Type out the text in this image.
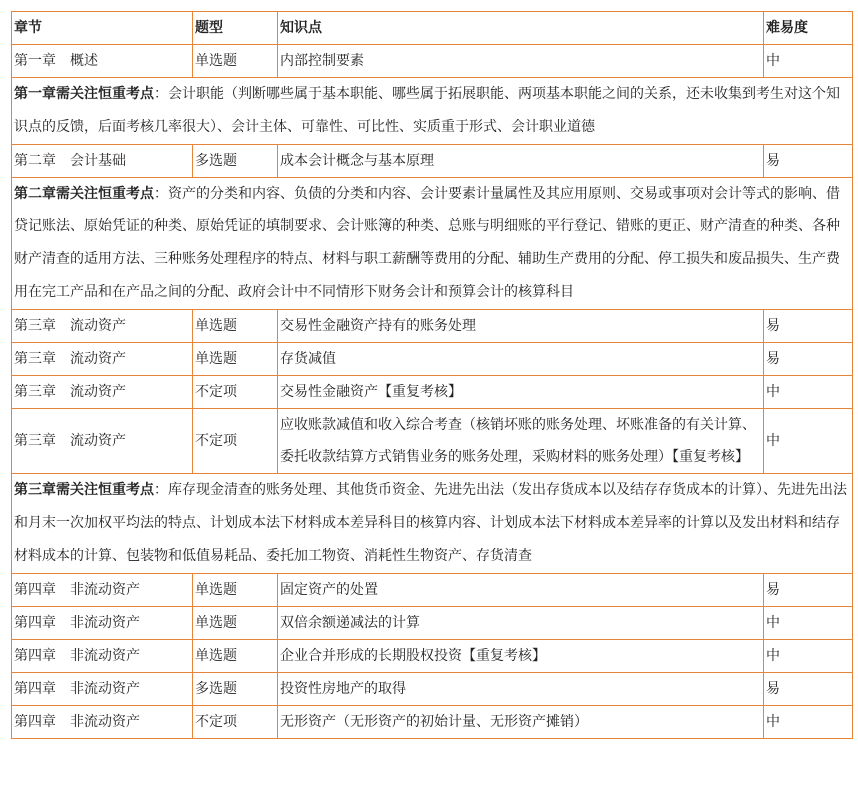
章节	题型	知识点	难易度
第一章　概述	单选题	内部控制要素	中
第一章需关注恒重考点：会计职能（判断哪些属于基本职能、哪些属于拓展职能、两项基本职能之间的关系，还未收集到考生对这个知识点的反馈，后面考核几率很大）、会计主体、可靠性、可比性、实质重于形式、会计职业道德			
第二章　会计基础	多选题	成本会计概念与基本原理	易
第二章需关注恒重考点：资产的分类和内容、负债的分类和内容、会计要素计量属性及其应用原则、交易或事项对会计等式的影响、借贷记账法、原始凭证的种类、原始凭证的填制要求、会计账簿的种类、总账与明细账的平行登记、错账的更正、财产清查的种类、各种财产清查的适用方法、三种账务处理程序的特点、材料与职工薪酬等费用的分配、辅助生产费用的分配、停工损失和废品损失、生产费用在完工产品和在产品之间的分配、政府会计中不同情形下财务会计和预算会计的核算科目			
第三章　流动资产	单选题	交易性金融资产持有的账务处理	易
第三章　流动资产	单选题	存货减值	易
第三章　流动资产	不定项	交易性金融资产【重复考核】	中
第三章　流动资产	不定项	应收账款减值和收入综合考查（核销坏账的账务处理、坏账准备的有关计算、委托收款结算方式销售业务的账务处理，采购材料的账务处理）【重复考核】	中
第三章需关注恒重考点：库存现金清查的账务处理、其他货币资金、先进先出法（发出存货成本以及结存存货成本的计算）、先进先出法和月末一次加权平均法的特点、计划成本法下材料成本差异科目的核算内容、计划成本法下材料成本差异率的计算以及发出材料和结存材料成本的计算、包装物和低值易耗品、委托加工物资、消耗性生物资产、存货清查			
第四章　非流动资产	单选题	固定资产的处置	易
第四章　非流动资产	单选题	双倍余额递减法的计算	中
第四章　非流动资产	单选题	企业合并形成的长期股权投资【重复考核】	中
第四章　非流动资产	多选题	投资性房地产的取得	易
第四章　非流动资产	不定项	无形资产（无形资产的初始计量、无形资产摊销）	中
